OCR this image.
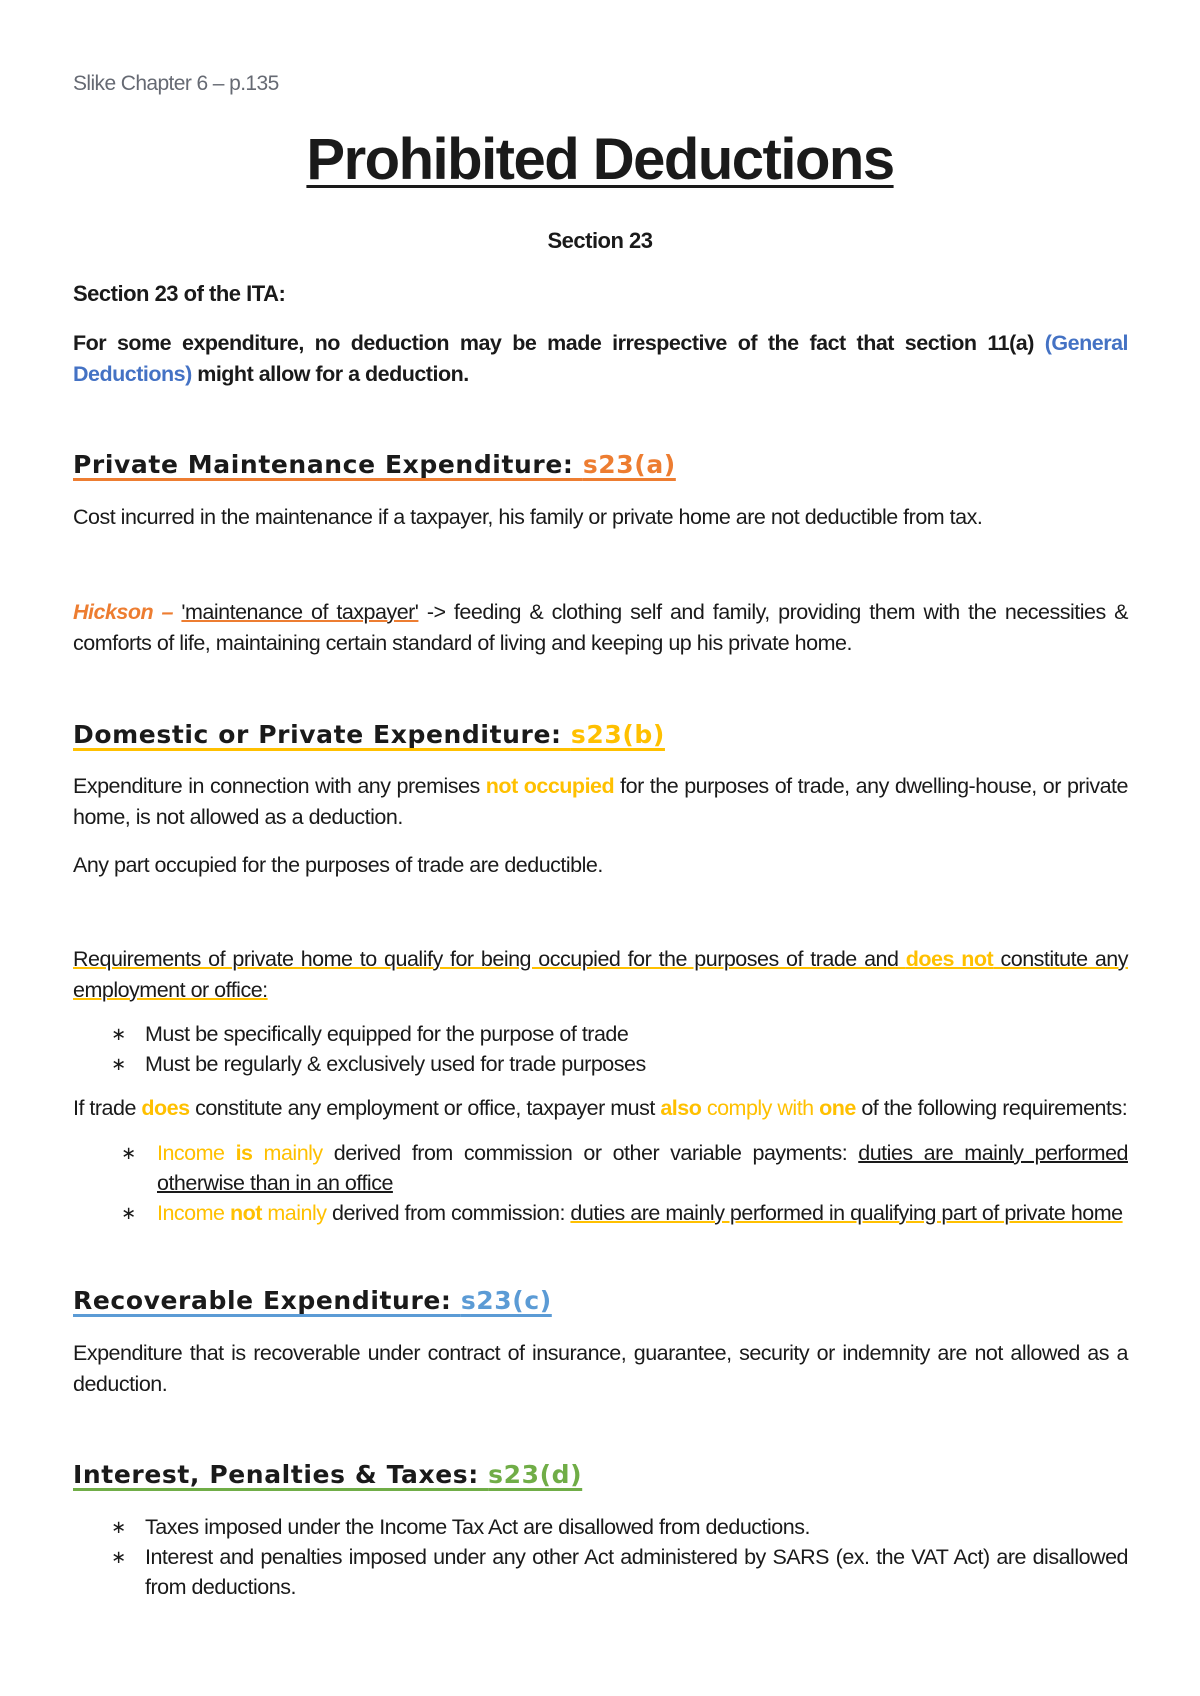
Slike Chapter 6 – p.135
Prohibited Deductions
Section 23
Section 23 of the ITA:
For some expenditure, no deduction may be made irrespective of the fact that section 11(a) (General Deductions) might allow for a deduction.
Private Maintenance Expenditure: s23(a)
Cost incurred in the maintenance if a taxpayer, his family or private home are not deductible from tax.
Hickson – 'maintenance of taxpayer' -> feeding & clothing self and family, providing them with the necessities & comforts of life, maintaining certain standard of living and keeping up his private home.
Domestic or Private Expenditure: s23(b)
Expenditure in connection with any premises not occupied for the purposes of trade, any dwelling-house, or private home, is not allowed as a deduction.
Any part occupied for the purposes of trade are deductible.
Requirements of private home to qualify for being occupied for the purposes of trade and does not constitute any employment or office:
∗ Must be specifically equipped for the purpose of trade
∗ Must be regularly & exclusively used for trade purposes
If trade does constitute any employment or office, taxpayer must also comply with one of the following requirements:
∗ Income is mainly derived from commission or other variable payments: duties are mainly performed otherwise than in an office
∗ Income not mainly derived from commission: duties are mainly performed in qualifying part of private home
Recoverable Expenditure: s23(c)
Expenditure that is recoverable under contract of insurance, guarantee, security or indemnity are not allowed as a deduction.
Interest, Penalties & Taxes: s23(d)
∗ Taxes imposed under the Income Tax Act are disallowed from deductions.
∗ Interest and penalties imposed under any other Act administered by SARS (ex. the VAT Act) are disallowed from deductions.
